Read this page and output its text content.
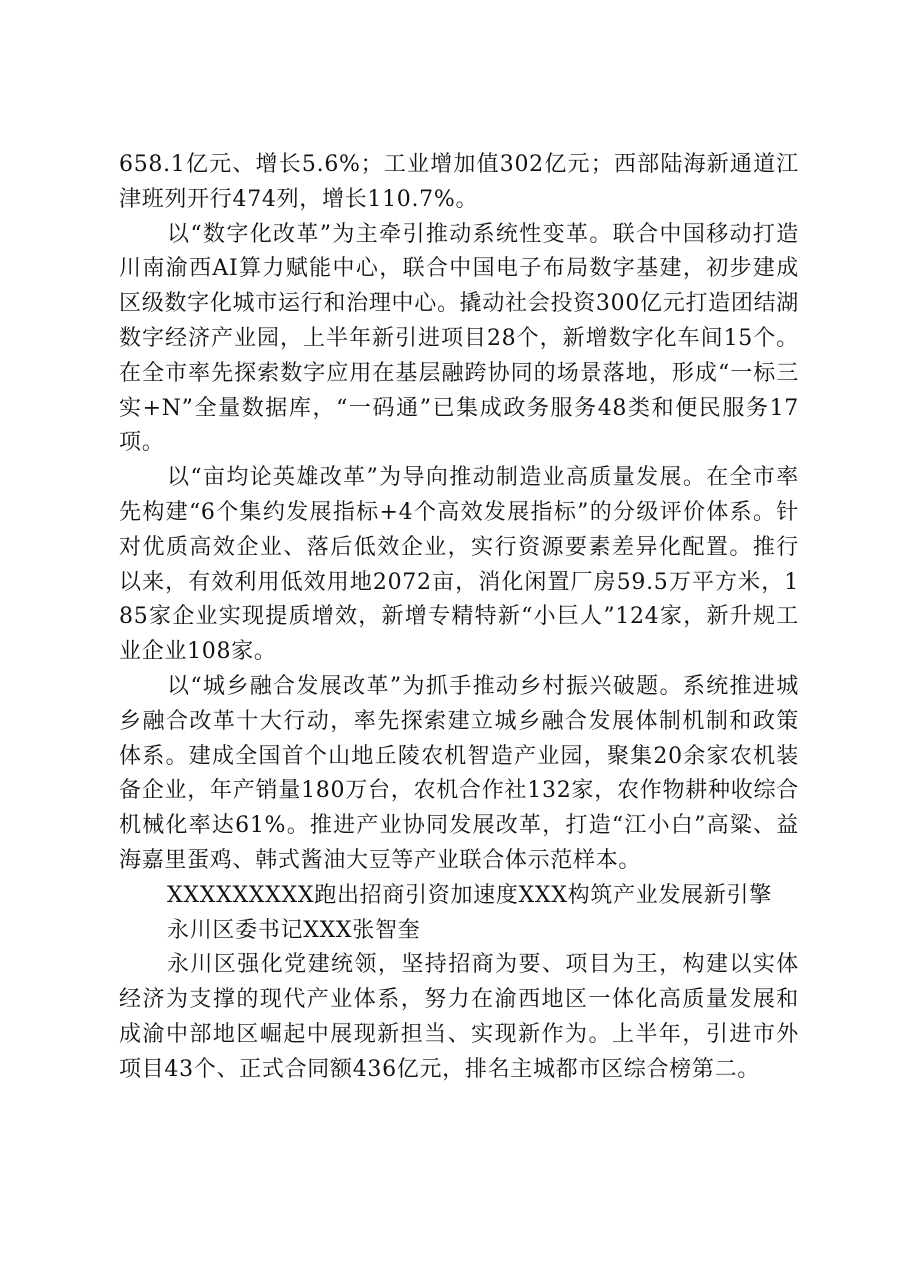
658.1亿元、增长5.6%；工业增加值302亿元；西部陆海新通道江津班列开行474列，增长110.7%。

以“数字化改革”为主牵引推动系统性变革。联合中国移动打造川南渝西AI算力赋能中心，联合中国电子布局数字基建，初步建成区级数字化城市运行和治理中心。撬动社会投资300亿元打造团结湖数字经济产业园，上半年新引进项目28个，新增数字化车间15个。在全市率先探索数字应用在基层融跨协同的场景落地，形成“一标三实+N”全量数据库，“一码通”已集成政务服务48类和便民服务17项。

以“亩均论英雄改革”为导向推动制造业高质量发展。在全市率先构建“6个集约发展指标+4个高效发展指标”的分级评价体系。针对优质高效企业、落后低效企业，实行资源要素差异化配置。推行以来，有效利用低效用地2072亩，消化闲置厂房59.5万平方米，185家企业实现提质增效，新增专精特新“小巨人”124家，新升规工业企业108家。

以“城乡融合发展改革”为抓手推动乡村振兴破题。系统推进城乡融合改革十大行动，率先探索建立城乡融合发展体制机制和政策体系。建成全国首个山地丘陵农机智造产业园，聚集20余家农机装备企业，年产销量180万台，农机合作社132家，农作物耕种收综合机械化率达61%。推进产业协同发展改革，打造“江小白”高粱、益海嘉里蛋鸡、韩式酱油大豆等产业联合体示范样本。

XXXXXXXXX跑出招商引资加速度XXX构筑产业发展新引擎

永川区委书记XXX张智奎

永川区强化党建统领，坚持招商为要、项目为王，构建以实体经济为支撑的现代产业体系，努力在渝西地区一体化高质量发展和成渝中部地区崛起中展现新担当、实现新作为。上半年，引进市外项目43个、正式合同额436亿元，排名主城都市区综合榜第二。
